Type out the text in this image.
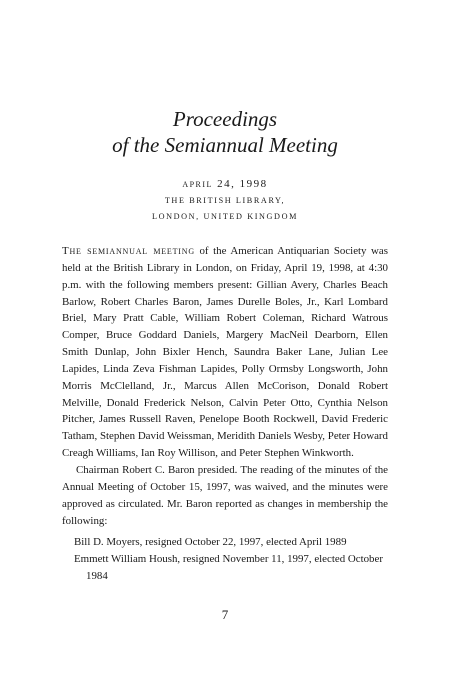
Proceedings
of the Semiannual Meeting
april 24, 1998
THE BRITISH LIBRARY,
LONDON, UNITED KINGDOM

The semiannual meeting of the American Antiquarian Society was held at the British Library in London, on Friday, April 19, 1998, at 4:30 p.m. with the following members present: Gillian Avery, Charles Beach Barlow, Robert Charles Baron, James Durelle Boles, Jr., Karl Lombard Briel, Mary Pratt Cable, William Robert Coleman, Richard Watrous Comper, Bruce Goddard Daniels, Margery MacNeil Dearborn, Ellen Smith Dunlap, John Bixler Hench, Saundra Baker Lane, Julian Lee Lapides, Linda Zeva Fishman Lapides, Polly Ormsby Longsworth, John Morris McClelland, Jr., Marcus Allen McCorison, Donald Robert Melville, Donald Frederick Nelson, Calvin Peter Otto, Cynthia Nelson Pitcher, James Russell Raven, Penelope Booth Rockwell, David Frederic Tatham, Stephen David Weissman, Meridith Daniels Wesby, Peter Howard Creagh Williams, Ian Roy Willison, and Peter Stephen Winkworth.

Chairman Robert C. Baron presided. The reading of the minutes of the Annual Meeting of October 15, 1997, was waived, and the minutes were approved as circulated. Mr. Baron reported as changes in membership the following:

Bill D. Moyers, resigned October 22, 1997, elected April 1989

Emmett William Housh, resigned November 11, 1997, elected October 1984

7
